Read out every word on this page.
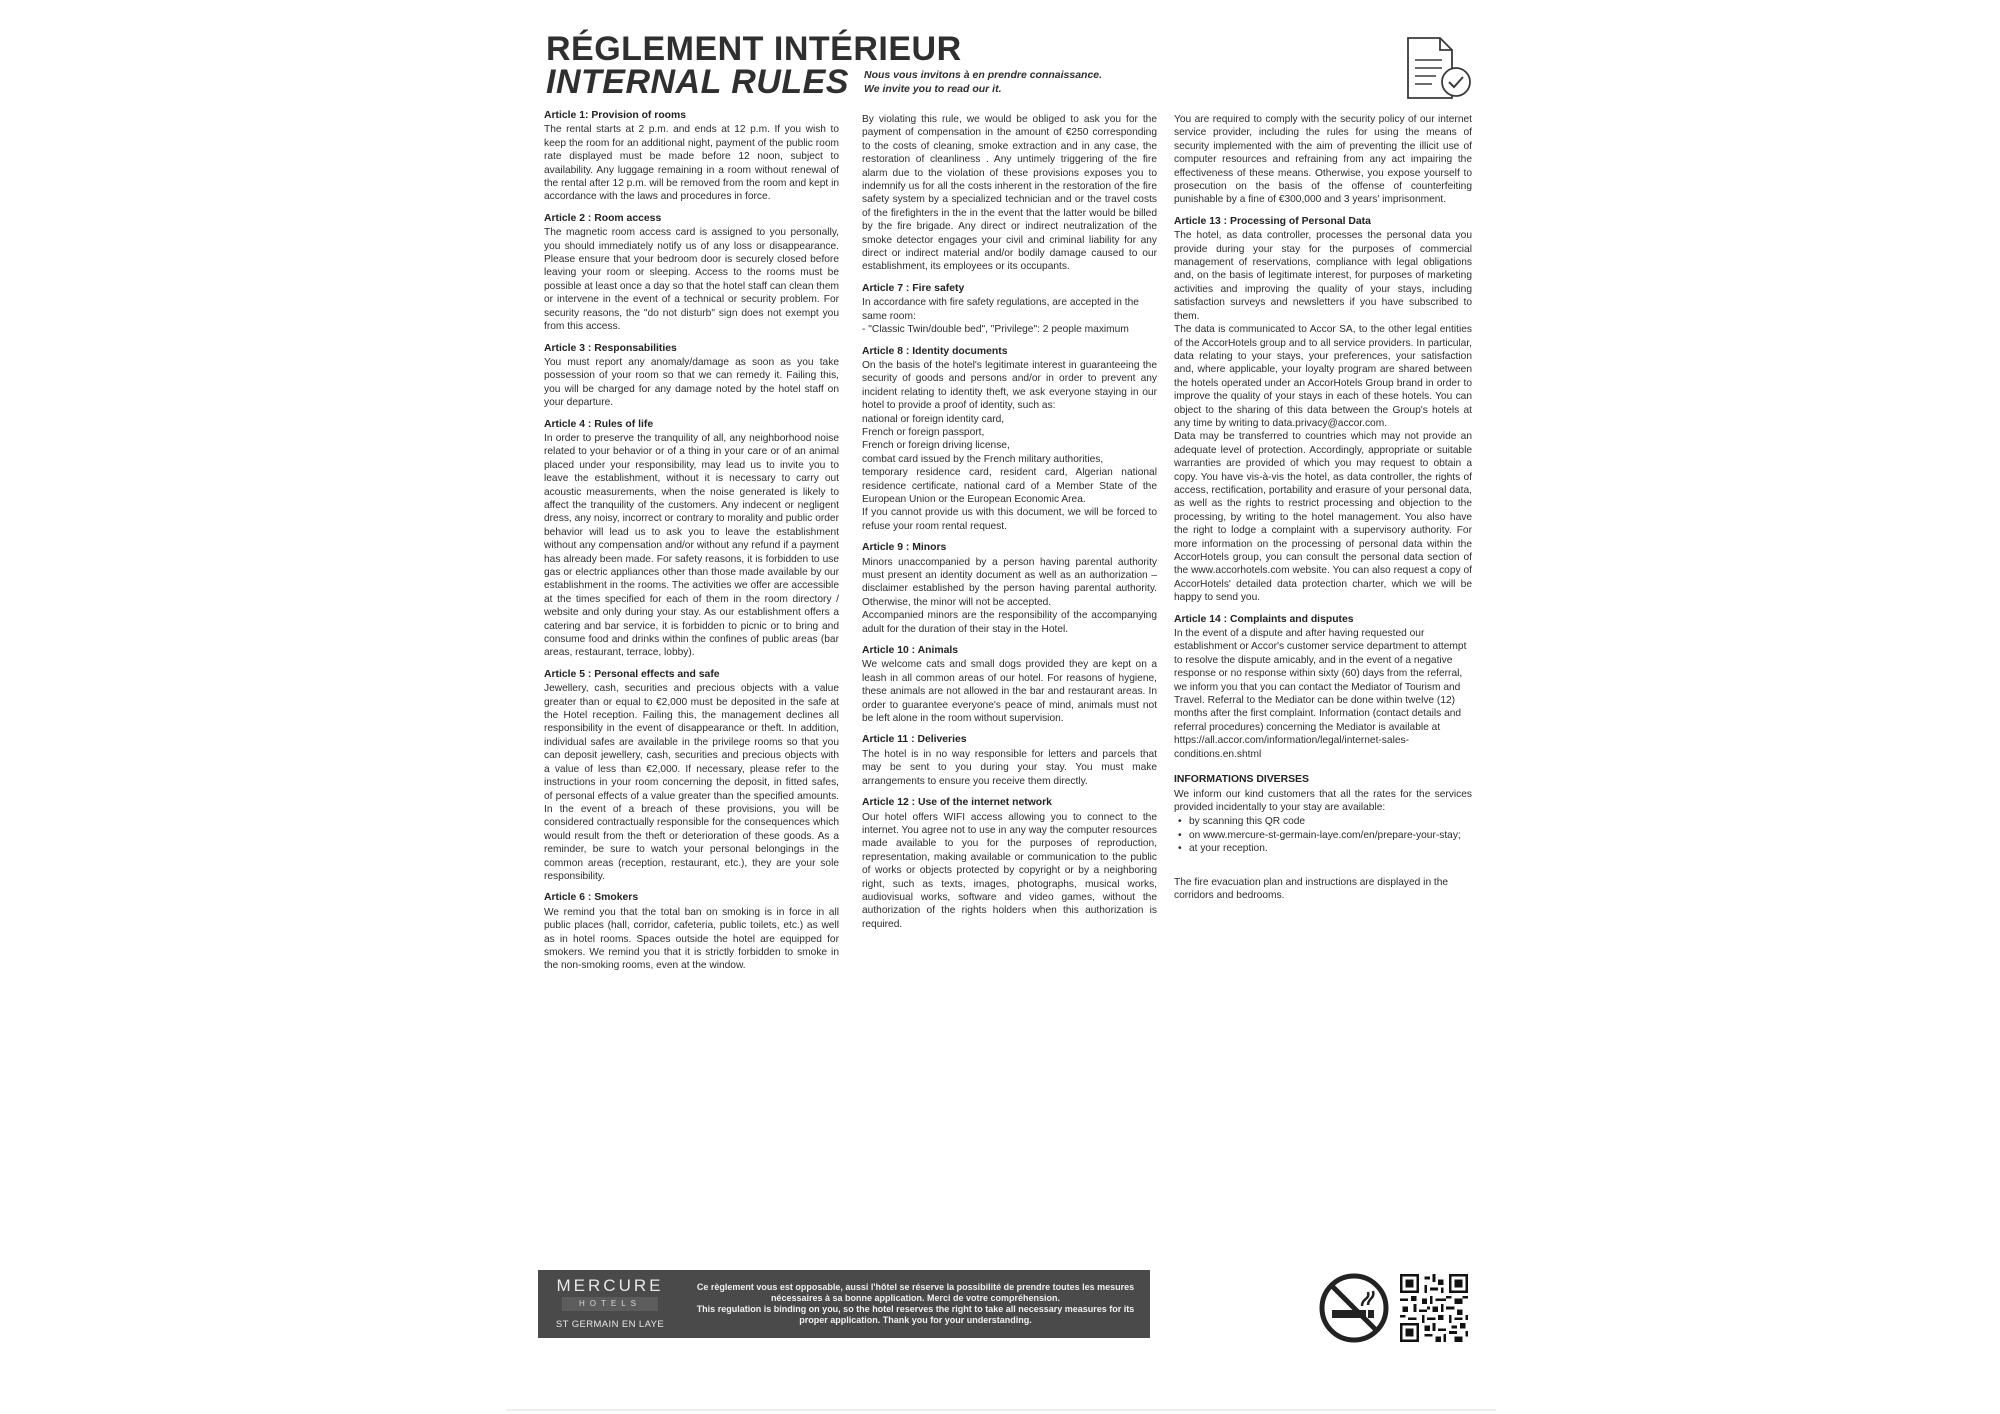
RÉGLEMENT INTÉRIEUR
INTERNAL RULES Nous vous invitons à en prendre connaissance.
We invite you to read our it.
Article 1: Provision of rooms
The rental starts at 2 p.m. and ends at 12 p.m. If you wish to keep the room for an additional night, payment of the public room rate displayed must be made before 12 noon, subject to availability. Any luggage remaining in a room without renewal of the rental after 12 p.m. will be removed from the room and kept in accordance with the laws and procedures in force.
Article 2 : Room access
The magnetic room access card is assigned to you personally, you should immediately notify us of any loss or disappearance. Please ensure that your bedroom door is securely closed before leaving your room or sleeping. Access to the rooms must be possible at least once a day so that the hotel staff can clean them or intervene in the event of a technical or security problem. For security reasons, the "do not disturb" sign does not exempt you from this access.
Article 3 : Responsabilities
You must report any anomaly/damage as soon as you take possession of your room so that we can remedy it. Failing this, you will be charged for any damage noted by the hotel staff on your departure.
Article 4 : Rules of life
In order to preserve the tranquility of all, any neighborhood noise related to your behavior or of a thing in your care or of an animal placed under your responsibility, may lead us to invite you to leave the establishment, without it is necessary to carry out acoustic measurements, when the noise generated is likely to affect the tranquility of the customers. Any indecent or negligent dress, any noisy, incorrect or contrary to morality and public order behavior will lead us to ask you to leave the establishment without any compensation and/or without any refund if a payment has already been made. For safety reasons, it is forbidden to use gas or electric appliances other than those made available by our establishment in the rooms. The activities we offer are accessible at the times specified for each of them in the room directory / website and only during your stay. As our establishment offers a catering and bar service, it is forbidden to picnic or to bring and consume food and drinks within the confines of public areas (bar areas, restaurant, terrace, lobby).
Article 5 : Personal effects and safe
Jewellery, cash, securities and precious objects with a value greater than or equal to €2,000 must be deposited in the safe at the Hotel reception. Failing this, the management declines all responsibility in the event of disappearance or theft. In addition, individual safes are available in the privilege rooms so that you can deposit jewellery, cash, securities and precious objects with a value of less than €2,000. If necessary, please refer to the instructions in your room concerning the deposit, in fitted safes, of personal effects of a value greater than the specified amounts. In the event of a breach of these provisions, you will be considered contractually responsible for the consequences which would result from the theft or deterioration of these goods. As a reminder, be sure to watch your personal belongings in the common areas (reception, restaurant, etc.), they are your sole responsibility.
Article 6 : Smokers
We remind you that the total ban on smoking is in force in all public places (hall, corridor, cafeteria, public toilets, etc.) as well as in hotel rooms. Spaces outside the hotel are equipped for smokers. We remind you that it is strictly forbidden to smoke in the non-smoking rooms, even at the window.
By violating this rule, we would be obliged to ask you for the payment of compensation in the amount of €250 corresponding to the costs of cleaning, smoke extraction and in any case, the restoration of cleanliness . Any untimely triggering of the fire alarm due to the violation of these provisions exposes you to indemnify us for all the costs inherent in the restoration of the fire safety system by a specialized technician and or the travel costs of the firefighters in the in the event that the latter would be billed by the fire brigade. Any direct or indirect neutralization of the smoke detector engages your civil and criminal liability for any direct or indirect material and/or bodily damage caused to our establishment, its employees or its occupants.
Article 7 : Fire safety
In accordance with fire safety regulations, are accepted in the same room:
- "Classic Twin/double bed", "Privilege": 2 people maximum
Article 8 : Identity documents
On the basis of the hotel's legitimate interest in guaranteeing the security of goods and persons and/or in order to prevent any incident relating to identity theft, we ask everyone staying in our hotel to provide a proof of identity, such as:
national or foreign identity card,
French or foreign passport,
French or foreign driving license,
combat card issued by the French military authorities,
temporary residence card, resident card, Algerian national residence certificate, national card of a Member State of the European Union or the European Economic Area.
If you cannot provide us with this document, we will be forced to refuse your room rental request.
Article 9 : Minors
Minors unaccompanied by a person having parental authority must present an identity document as well as an authorization – disclaimer established by the person having parental authority. Otherwise, the minor will not be accepted.
Accompanied minors are the responsibility of the accompanying adult for the duration of their stay in the Hotel.
Article 10 : Animals
We welcome cats and small dogs provided they are kept on a leash in all common areas of our hotel. For reasons of hygiene, these animals are not allowed in the bar and restaurant areas. In order to guarantee everyone's peace of mind, animals must not be left alone in the room without supervision.
Article 11 : Deliveries
The hotel is in no way responsible for letters and parcels that may be sent to you during your stay. You must make arrangements to ensure you receive them directly.
Article 12 : Use of the internet network
Our hotel offers WIFI access allowing you to connect to the internet. You agree not to use in any way the computer resources made available to you for the purposes of reproduction, representation, making available or communication to the public of works or objects protected by copyright or by a neighboring right, such as texts, images, photographs, musical works, audiovisual works, software and video games, without the authorization of the rights holders when this authorization is required.
You are required to comply with the security policy of our internet service provider, including the rules for using the means of security implemented with the aim of preventing the illicit use of computer resources and refraining from any act impairing the effectiveness of these means. Otherwise, you expose yourself to prosecution on the basis of the offense of counterfeiting punishable by a fine of €300,000 and 3 years' imprisonment.
Article 13 : Processing of Personal Data
The hotel, as data controller, processes the personal data you provide during your stay for the purposes of commercial management of reservations, compliance with legal obligations and, on the basis of legitimate interest, for purposes of marketing activities and improving the quality of your stays, including satisfaction surveys and newsletters if you have subscribed to them.
The data is communicated to Accor SA, to the other legal entities of the AccorHotels group and to all service providers. In particular, data relating to your stays, your preferences, your satisfaction and, where applicable, your loyalty program are shared between the hotels operated under an AccorHotels Group brand in order to improve the quality of your stays in each of these hotels. You can object to the sharing of this data between the Group's hotels at any time by writing to data.privacy@accor.com.
Data may be transferred to countries which may not provide an adequate level of protection. Accordingly, appropriate or suitable warranties are provided of which you may request to obtain a copy. You have vis-à-vis the hotel, as data controller, the rights of access, rectification, portability and erasure of your personal data, as well as the rights to restrict processing and objection to the processing, by writing to the hotel management. You also have the right to lodge a complaint with a supervisory authority. For more information on the processing of personal data within the AccorHotels group, you can consult the personal data section of the www.accorhotels.com website. You can also request a copy of AccorHotels' detailed data protection charter, which we will be happy to send you.
Article 14 : Complaints and disputes
In the event of a dispute and after having requested our establishment or Accor's customer service department to attempt to resolve the dispute amicably, and in the event of a negative response or no response within sixty (60) days from the referral, we inform you that you can contact the Mediator of Tourism and Travel. Referral to the Mediator can be done within twelve (12) months after the first complaint. Information (contact details and referral procedures) concerning the Mediator is available at https://all.accor.com/information/legal/internet-sales-conditions.en.shtml
INFORMATIONS DIVERSES
We inform our kind customers that all the rates for the services provided incidentally to your stay are available:
• by scanning this QR code
• on www.mercure-st-germain-laye.com/en/prepare-your-stay;
• at your reception.
The fire evacuation plan and instructions are displayed in the corridors and bedrooms.
MERCURE
HOTELS
ST GERMAIN EN LAYE
Ce règlement vous est opposable, aussi l'hôtel se réserve la possibilité de prendre toutes les mesures nécessaires à sa bonne application. Merci de votre compréhension.
This regulation is binding on you, so the hotel reserves the right to take all necessary measures for its proper application. Thank you for your understanding.
